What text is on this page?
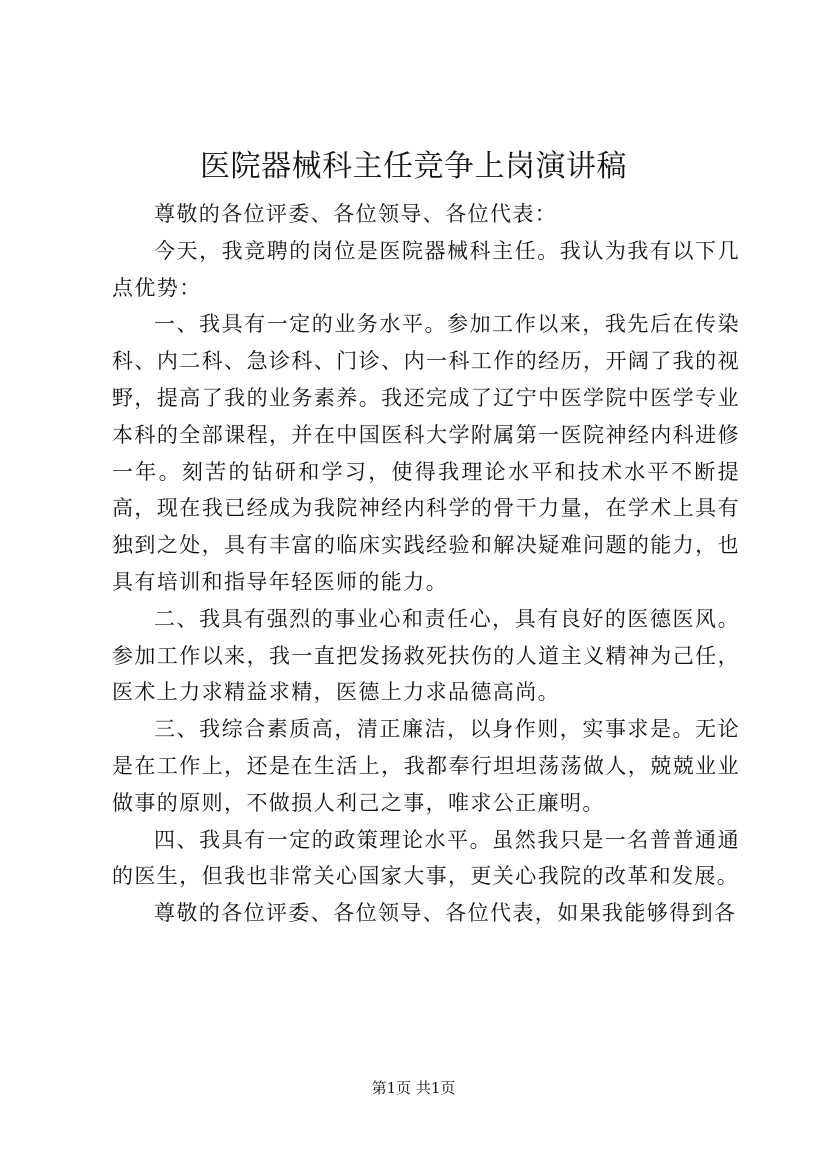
医院器械科主任竞争上岗演讲稿

尊敬的各位评委、各位领导、各位代表：

今天，我竞聘的岗位是医院器械科主任。我认为我有以下几点优势：

一、我具有一定的业务水平。参加工作以来，我先后在传染科、内二科、急诊科、门诊、内一科工作的经历，开阔了我的视野，提高了我的业务素养。我还完成了辽宁中医学院中医学专业本科的全部课程，并在中国医科大学附属第一医院神经内科进修一年。刻苦的钻研和学习，使得我理论水平和技术水平不断提高，现在我已经成为我院神经内科学的骨干力量，在学术上具有独到之处，具有丰富的临床实践经验和解决疑难问题的能力，也具有培训和指导年轻医师的能力。

二、我具有强烈的事业心和责任心，具有良好的医德医风。参加工作以来，我一直把发扬救死扶伤的人道主义精神为己任，医术上力求精益求精，医德上力求品德高尚。

三、我综合素质高，清正廉洁，以身作则，实事求是。无论是在工作上，还是在生活上，我都奉行坦坦荡荡做人，兢兢业业做事的原则，不做损人利己之事，唯求公正廉明。

四、我具有一定的政策理论水平。虽然我只是一名普普通通的医生，但我也非常关心国家大事，更关心我院的改革和发展。

尊敬的各位评委、各位领导、各位代表，如果我能够得到各

第1页 共1页
